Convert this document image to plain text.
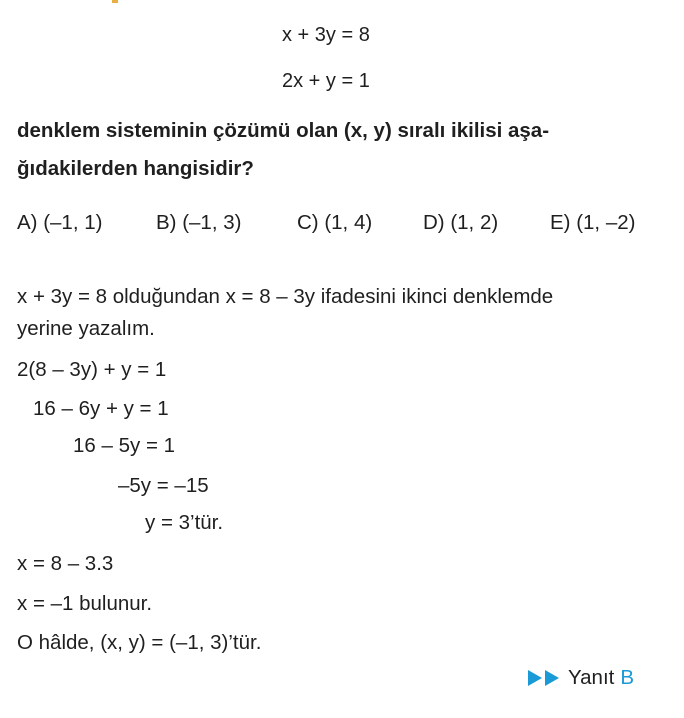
x + 3y = 8
2x + y = 1
denklem sisteminin çözümü olan (x, y) sıralı ikilisi aşa-
ğıdakilerden hangisidir?
A) (–1, 1)	B) (–1, 3)	C) (1, 4) D) (1, 2)	E) (1, –2)
x + 3y = 8 olduğundan x = 8 – 3y ifadesini ikinci denklemde
yerine yazalım.
2(8 – 3y) + y = 1
16 – 6y + y = 1
16 – 5y = 1
–5y = –15
y = 3’tür.
x = 8 – 3.3
x = –1 bulunur.
O hâlde, (x, y) = (–1, 3)’tür.
Yanıt B
